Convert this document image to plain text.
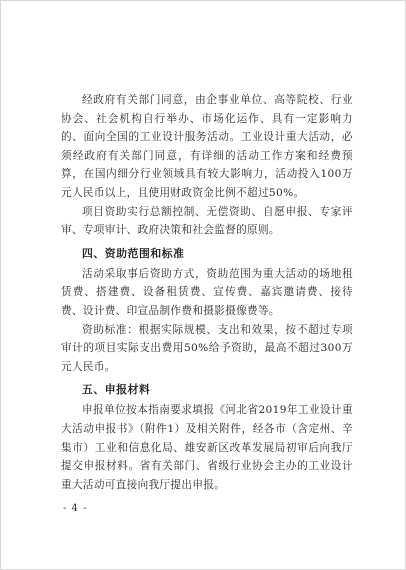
经政府有关部门同意，由企事业单位、高等院校、行业协会、社会机构自行举办、市场化运作、具有一定影响力的、面向全国的工业设计服务活动。工业设计重大活动，必须经政府有关部门同意，有详细的活动工作方案和经费预算，在国内细分行业领域具有较大影响力，活动投入100万元人民币以上，且使用财政资金比例不超过50%。

项目资助实行总额控制、无偿资助、自愿申报、专家评审、专项审计、政府决策和社会监督的原则。

四、资助范围和标准

活动采取事后资助方式，资助范围为重大活动的场地租赁费、搭建费、设备租赁费、宣传费、嘉宾邀请费、接待费、设计费、印宣品制作费和摄影摄像费等。

资助标准：根据实际规模、支出和效果，按不超过专项审计的项目实际支出费用50%给予资助，最高不超过300万元人民币。

五、申报材料

申报单位按本指南要求填报《河北省2019年工业设计重大活动申报书》（附件1）及相关附件，经各市（含定州、辛集市）工业和信息化局、雄安新区改革发展局初审后向我厅提交申报材料。省有关部门、省级行业协会主办的工业设计重大活动可直接向我厅提出申报。

- 4 -
